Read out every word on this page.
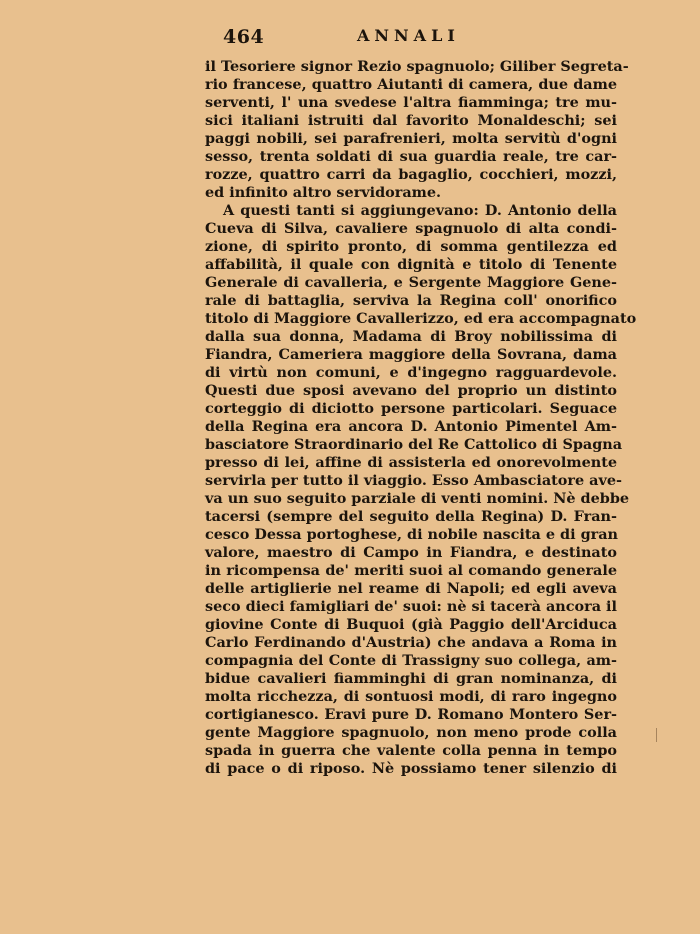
464	ANNALI
il Tesoriere signor Rezio spagnuolo; Giliber Segreta-
rio francese, quattro Aiutanti di camera, due dame
serventi, l' una svedese l'altra fiamminga; tre mu-
sici italiani istruiti dal favorito Monaldeschi; sei
paggi nobili, sei parafrenieri, molta servitù d'ogni
sesso, trenta soldati di sua guardia reale, tre car-
rozze, quattro carri da bagaglio, cocchieri, mozzi,
ed infinito altro servidorame.
A questi tanti si aggiungevano: D. Antonio della
Cueva di Silva, cavaliere spagnuolo di alta condi-
zione, di spirito pronto, di somma gentilezza ed
affabilità, il quale con dignità e titolo di Tenente
Generale di cavalleria, e Sergente Maggiore Gene-
rale di battaglia, serviva la Regina coll' onorifico
titolo di Maggiore Cavallerizzo, ed era accompagnato
dalla sua donna, Madama di Broy nobilissima di
Fiandra, Cameriera maggiore della Sovrana, dama
di virtù non comuni, e d'ingegno ragguardevole.
Questi due sposi avevano del proprio un distinto
corteggio di diciotto persone particolari. Seguace
della Regina era ancora D. Antonio Pimentel Am-
basciatore Straordinario del Re Cattolico di Spagna
presso di lei, affine di assisterla ed onorevolmente
servirla per tutto il viaggio. Esso Ambasciatore ave-
va un suo seguito parziale di venti nomini. Nè debbe
tacersi (sempre del seguito della Regina) D. Fran-
cesco Dessa portoghese, di nobile nascita e di gran
valore, maestro di Campo in Fiandra, e destinato
in ricompensa de' meriti suoi al comando generale
delle artiglierie nel reame di Napoli; ed egli aveva
seco dieci famigliari de' suoi: nè si tacerà ancora il
giovine Conte di Buquoi (già Paggio dell'Arciduca
Carlo Ferdinando d'Austria) che andava a Roma in
compagnia del Conte di Trassigny suo collega, am-
bidue cavalieri fiamminghi di gran nominanza, di
molta ricchezza, di sontuosi modi, di raro ingegno
cortigianesco. Eravi pure D. Romano Montero Ser-
gente Maggiore spagnuolo, non meno prode colla
spada in guerra che valente colla penna in tempo
di pace o di riposo. Nè possiamo tener silenzio di
